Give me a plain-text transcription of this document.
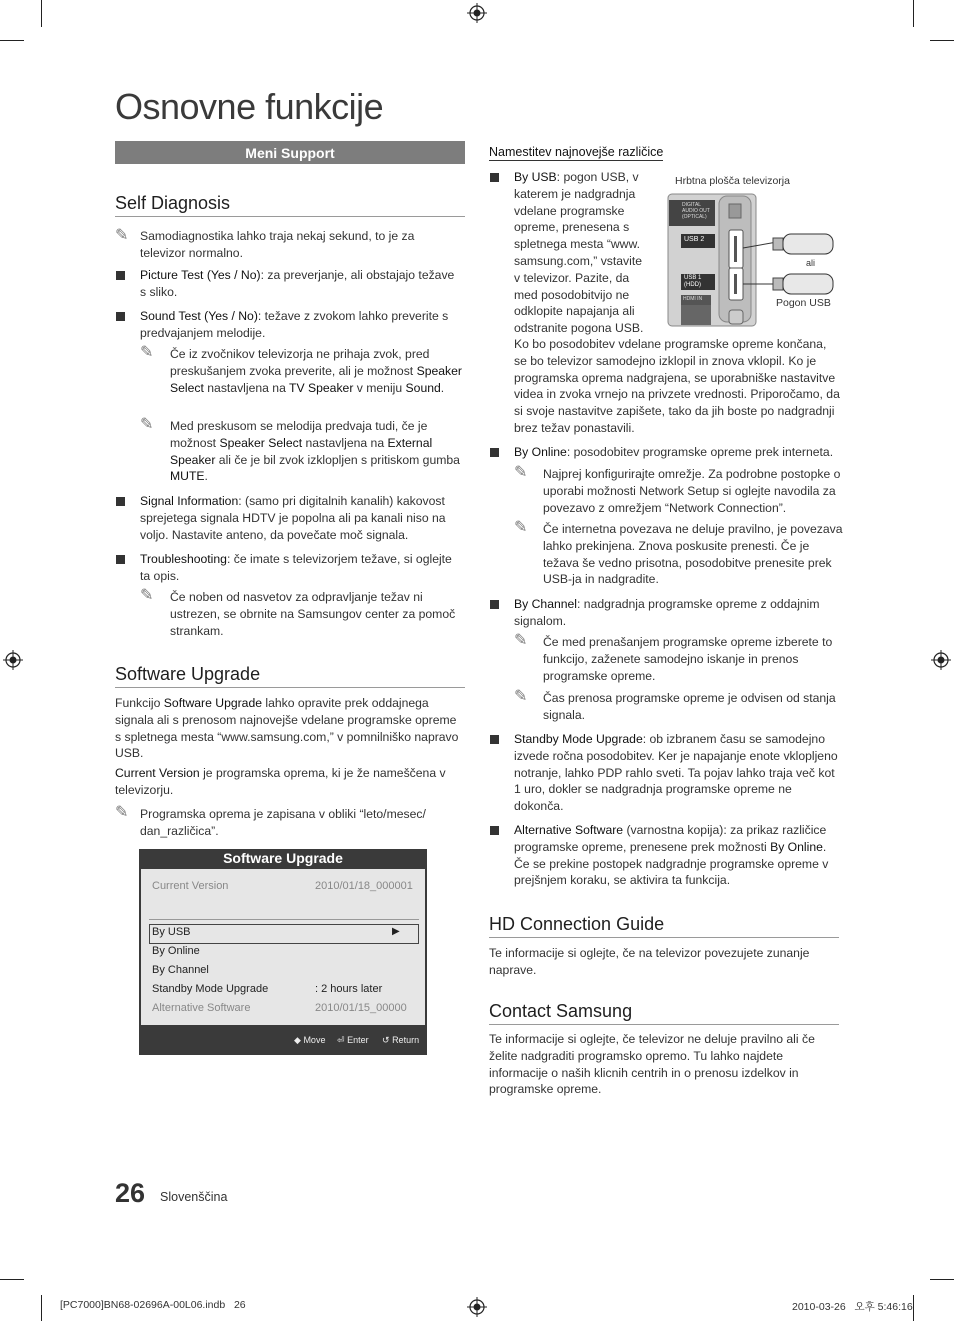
Osnovne funkcije
Meni Support
Self Diagnosis
✎ Samodiagnostika lahko traja nekaj sekund, to je za televizor normalno.
Picture Test (Yes / No): za preverjanje, ali obstajajo težave s sliko.
Sound Test (Yes / No): težave z zvokom lahko preverite s predvajanjem melodije.
✎ Če iz zvočnikov televizorja ne prihaja zvok, pred preskušanjem zvoka preverite, ali je možnost Speaker Select nastavljena na TV Speaker v meniju Sound.
✎ Med preskusom se melodija predvaja tudi, če je možnost Speaker Select nastavljena na External Speaker ali če je bil zvok izklopljen s pritiskom gumba MUTE.
Signal Information: (samo pri digitalnih kanalih) kakovost sprejetega signala HDTV je popolna ali pa kanali niso na voljo. Nastavite anteno, da povečate moč signala.
Troubleshooting: če imate s televizorjem težave, si oglejte ta opis.
✎ Če noben od nasvetov za odpravljanje težav ni ustrezen, se obrnite na Samsungov center za pomoč strankam.
Software Upgrade
Funkcijo Software Upgrade lahko opravite prek oddajnega signala ali s prenosom najnovejše vdelane programske opreme s spletnega mesta “www.samsung.com,” v pomnilniško napravo USB.
Current Version je programska oprema, ki je že nameščena v televizorju.
✎ Programska oprema je zapisana v obliki “leto/mesec/ dan_različica”.
Software Upgrade
Current Version	2010/01/18_000001
By USB	▶
By Online
By Channel
Standby Mode Upgrade	: 2 hours later
Alternative Software	2010/01/15_00000
◆ Move ⏎ Enter ↺ Return
Namestitev najnovejše različice
By USB: pogon USB, v katerem je nadgradnja vdelane programske opreme, prenesena s spletnega mesta “www. samsung.com,” vstavite v televizor. Pazite, da med posodobitvijo ne odklopite napajanja ali odstranite pogona USB.
Ko bo posodobitev vdelane programske opreme končana, se bo televizor samodejno izklopil in znova vklopil. Ko je programska oprema nadgrajena, se uporabniške nastavitve videa in zvoka vrnejo na privzete vrednosti. Priporočamo, da si svoje nastavitve zapišete, tako da jih boste po nadgradnji brez težav ponastavili.
Hrbtna plošča televizorja
DIGITAL
AUDIO OUT
(OPTICAL)
USB 2
USB 1
(HDD)
HDMI IN
ali
Pogon USB
By Online: posodobitev programske opreme prek interneta.
✎ Najprej konfigurirajte omrežje. Za podrobne postopke o uporabi možnosti Network Setup si oglejte navodila za povezavo z omrežjem “Network Connection”.
✎ Če internetna povezava ne deluje pravilno, je povezava lahko prekinjena. Znova poskusite prenesti. Če je težava še vedno prisotna, posodobitve prenesite prek USB-ja in nadgradite.
By Channel: nadgradnja programske opreme z oddajnim signalom.
✎ Če med prenašanjem programske opreme izberete to funkcijo, zaženete samodejno iskanje in prenos programske opreme.
✎ Čas prenosa programske opreme je odvisen od stanja signala.
Standby Mode Upgrade: ob izbranem času se samodejno izvede ročna posodobitev. Ker je napajanje enote vklopljeno notranje, lahko PDP rahlo sveti. Ta pojav lahko traja več kot 1 uro, dokler se nadgradnja programske opreme ne dokonča.
Alternative Software (varnostna kopija): za prikaz različice programske opreme, prenesene prek možnosti By Online. Če se prekine postopek nadgradnje programske opreme v prejšnjem koraku, se aktivira ta funkcija.
HD Connection Guide
Te informacije si oglejte, če na televizor povezujete zunanje naprave.
Contact Samsung
Te informacije si oglejte, če televizor ne deluje pravilno ali če želite nadgraditi programsko opremo. Tu lahko najdete informacije o naših klicnih centrih in o prenosu izdelkov in programske opreme.
26 Slovenščina
[PC7000]BN68-02696A-00L06.indb   26	2010-03-26   오후 5:46:16
